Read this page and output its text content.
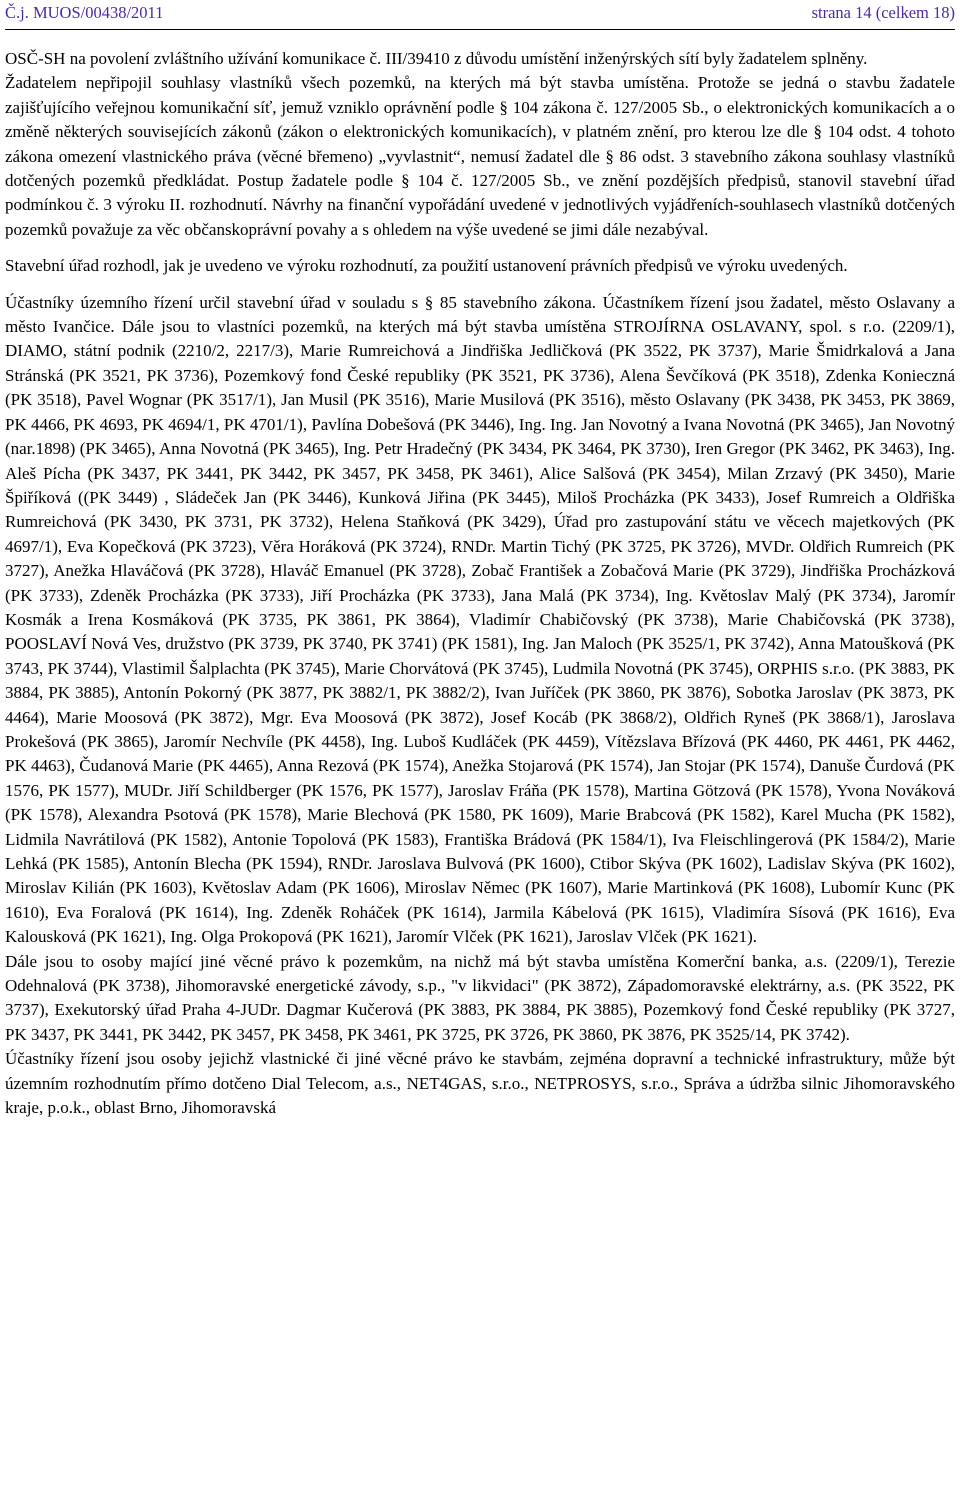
Č.j. MUOS/00438/2011	strana 14 (celkem 18)

OSČ-SH na povolení zvláštního užívání komunikace č. III/39410 z důvodu umístění inženýrských sítí byly žadatelem splněny.

Žadatelem nepřipojil souhlasy vlastníků všech pozemků, na kterých má být stavba umístěna. Protože se jedná o stavbu žadatele zajišťujícího veřejnou komunikační síť, jemuž vzniklo oprávnění podle § 104 zákona č. 127/2005 Sb., o elektronických komunikacích a o změně některých souvisejících zákonů (zákon o elektronických komunikacích), v platném znění, pro kterou lze dle § 104 odst. 4 tohoto zákona omezení vlastnického práva (věcné břemeno) „vyvlastnit“, nemusí žadatel dle § 86 odst. 3 stavebního zákona souhlasy vlastníků dotčených pozemků předkládat. Postup žadatele podle § 104 č. 127/2005 Sb., ve znění pozdějších předpisů, stanovil stavební úřad podmínkou č. 3 výroku II. rozhodnutí. Návrhy na finanční vypořádání uvedené v jednotlivých vyjádřeních-souhlasech vlastníků dotčených pozemků považuje za věc občanskoprávní povahy a s ohledem na výše uvedené se jimi dále nezabýval.

Stavební úřad rozhodl, jak je uvedeno ve výroku rozhodnutí, za použití ustanovení právních předpisů ve výroku uvedených.

Účastníky územního řízení určil stavební úřad v souladu s § 85 stavebního zákona. Účastníkem řízení jsou žadatel, město Oslavany a město Ivančice. Dále jsou to vlastníci pozemků, na kterých má být stavba umístěna STROJÍRNA OSLAVANY, spol. s r.o. (2209/1), DIAMO, státní podnik (2210/2, 2217/3), Marie Rumreichová a Jindřiška Jedličková (PK 3522, PK 3737), Marie Šmidrkalová a Jana Stránská (PK 3521, PK 3736), Pozemkový fond České republiky (PK 3521, PK 3736), Alena Ševčíková (PK 3518), Zdenka Konieczná (PK 3518), Pavel Wognar (PK 3517/1), Jan Musil (PK 3516), Marie Musilová (PK 3516), město Oslavany (PK 3438, PK 3453, PK 3869, PK 4466, PK 4693, PK 4694/1, PK 4701/1), Pavlína Dobešová (PK 3446), Ing. Ing. Jan Novotný a Ivana Novotná (PK 3465), Jan Novotný (nar.1898) (PK 3465), Anna Novotná (PK 3465), Ing. Petr Hradečný (PK 3434, PK 3464, PK 3730), Iren Gregor (PK 3462, PK 3463), Ing. Aleš Pícha (PK 3437, PK 3441, PK 3442, PK 3457, PK 3458, PK 3461), Alice Salšová (PK 3454), Milan Zrzavý (PK 3450), Marie Špiříková ((PK 3449) , Sládeček Jan (PK 3446), Kunková Jiřina (PK 3445), Miloš Procházka (PK 3433), Josef Rumreich a Oldřiška Rumreichová (PK 3430, PK 3731, PK 3732), Helena Staňková (PK 3429), Úřad pro zastupování státu ve věcech majetkových (PK 4697/1), Eva Kopečková (PK 3723), Věra Horáková (PK 3724), RNDr. Martin Tichý (PK 3725, PK 3726), MVDr. Oldřich Rumreich (PK 3727), Anežka Hlaváčová (PK 3728), Hlaváč Emanuel (PK 3728), Zobač František a Zobačová Marie (PK 3729), Jindřiška Procházková (PK 3733), Zdeněk Procházka (PK 3733), Jiří Procházka (PK 3733), Jana Malá (PK 3734), Ing. Květoslav Malý (PK 3734), Jaromír Kosmák a Irena Kosmáková (PK 3735, PK 3861, PK 3864), Vladimír Chabičovský (PK 3738), Marie Chabičovská (PK 3738), POOSLAVÍ Nová Ves, družstvo (PK 3739, PK 3740, PK 3741) (PK 1581), Ing. Jan Maloch (PK 3525/1, PK 3742), Anna Matoušková (PK 3743, PK 3744), Vlastimil Šalplachta (PK 3745), Marie Chorvátová (PK 3745), Ludmila Novotná (PK 3745), ORPHIS s.r.o. (PK 3883, PK 3884, PK 3885), Antonín Pokorný (PK 3877, PK 3882/1, PK 3882/2), Ivan Juříček (PK 3860, PK 3876), Sobotka Jaroslav (PK 3873, PK 4464), Marie Moosová (PK 3872), Mgr. Eva Moosová (PK 3872), Josef Kocáb (PK 3868/2), Oldřich Ryneš (PK 3868/1), Jaroslava Prokešová (PK 3865), Jaromír Nechvíle (PK 4458), Ing. Luboš Kudláček (PK 4459), Vítězslava Břízová (PK 4460, PK 4461, PK 4462, PK 4463), Čudanová Marie (PK 4465), Anna Rezová (PK 1574), Anežka Stojarová (PK 1574), Jan Stojar (PK 1574), Danuše Čurdová (PK 1576, PK 1577), MUDr. Jiří Schildberger (PK 1576, PK 1577), Jaroslav Fráňa (PK 1578), Martina Götzová (PK 1578), Yvona Nováková (PK 1578), Alexandra Psotová (PK 1578), Marie Blechová (PK 1580, PK 1609), Marie Brabcová (PK 1582), Karel Mucha (PK 1582), Lidmila Navrátilová (PK 1582), Antonie Topolová (PK 1583), Františka Brádová (PK 1584/1), Iva Fleischlingerová (PK 1584/2), Marie Lehká (PK 1585), Antonín Blecha (PK 1594), RNDr. Jaroslava Bulvová (PK 1600), Ctibor Skýva (PK 1602), Ladislav Skýva (PK 1602), Miroslav Kilián (PK 1603), Květoslav Adam (PK 1606), Miroslav Němec (PK 1607), Marie Martinková (PK 1608), Lubomír Kunc (PK 1610), Eva Foralová (PK 1614), Ing. Zdeněk Roháček (PK 1614), Jarmila Kábelová (PK 1615), Vladimíra Sísová (PK 1616), Eva Kalousková (PK 1621), Ing. Olga Prokopová (PK 1621), Jaromír Vlček (PK 1621), Jaroslav Vlček (PK 1621).

Dále jsou to osoby mající jiné věcné právo k pozemkům, na nichž má být stavba umístěna Komerční banka, a.s. (2209/1), Terezie Odehnalová (PK 3738), Jihomoravské energetické závody, s.p., "v likvidaci" (PK 3872), Západomoravské elektrárny, a.s. (PK 3522, PK 3737), Exekutorský úřad Praha 4-JUDr. Dagmar Kučerová (PK 3883, PK 3884, PK 3885), Pozemkový fond České republiky (PK 3727, PK 3437, PK 3441, PK 3442, PK 3457, PK 3458, PK 3461, PK 3725, PK 3726, PK 3860, PK 3876, PK 3525/14, PK 3742).

Účastníky řízení jsou osoby jejichž vlastnické či jiné věcné právo ke stavbám, zejména dopravní a technické infrastruktury, může být územním rozhodnutím přímo dotčeno Dial Telecom, a.s., NET4GAS, s.r.o., NETPROSYS, s.r.o., Správa a údržba silnic Jihomoravského kraje, p.o.k., oblast Brno, Jihomoravská
